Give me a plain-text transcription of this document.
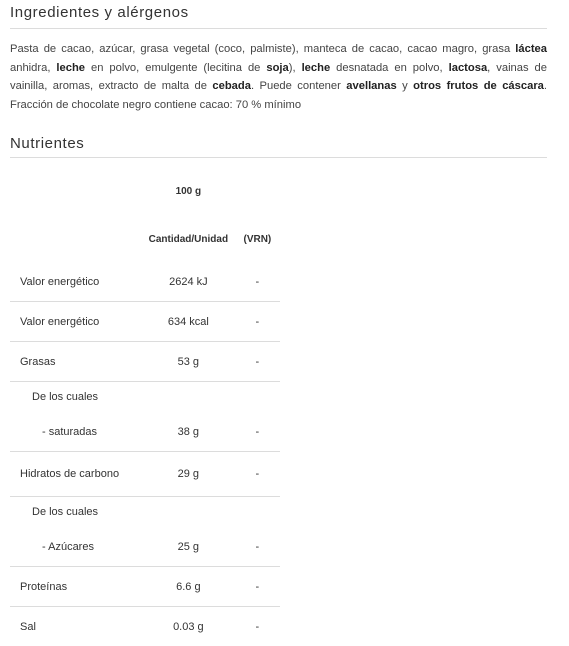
Ingredientes y alérgenos
Pasta de cacao, azúcar, grasa vegetal (coco, palmiste), manteca de cacao, cacao magro, grasa láctea anhidra, leche en polvo, emulgente (lecitina de soja), leche desnatada en polvo, lactosa, vainas de vainilla, aromas, extracto de malta de cebada. Puede contener avellanas y otros frutos de cáscara. Fracción de chocolate negro contiene cacao: 70 % mínimo
Nutrientes
	100 g	
	Cantidad/Unidad	(VRN)
Valor energético	2624 kJ	-
Valor energético	634 kcal	-
Grasas	53 g	-
De los cuales		
- saturadas	38 g	-
Hidratos de carbono	29 g	-
De los cuales		
- Azúcares	25 g	-
Proteínas	6.6 g	-
Sal	0.03 g	-
